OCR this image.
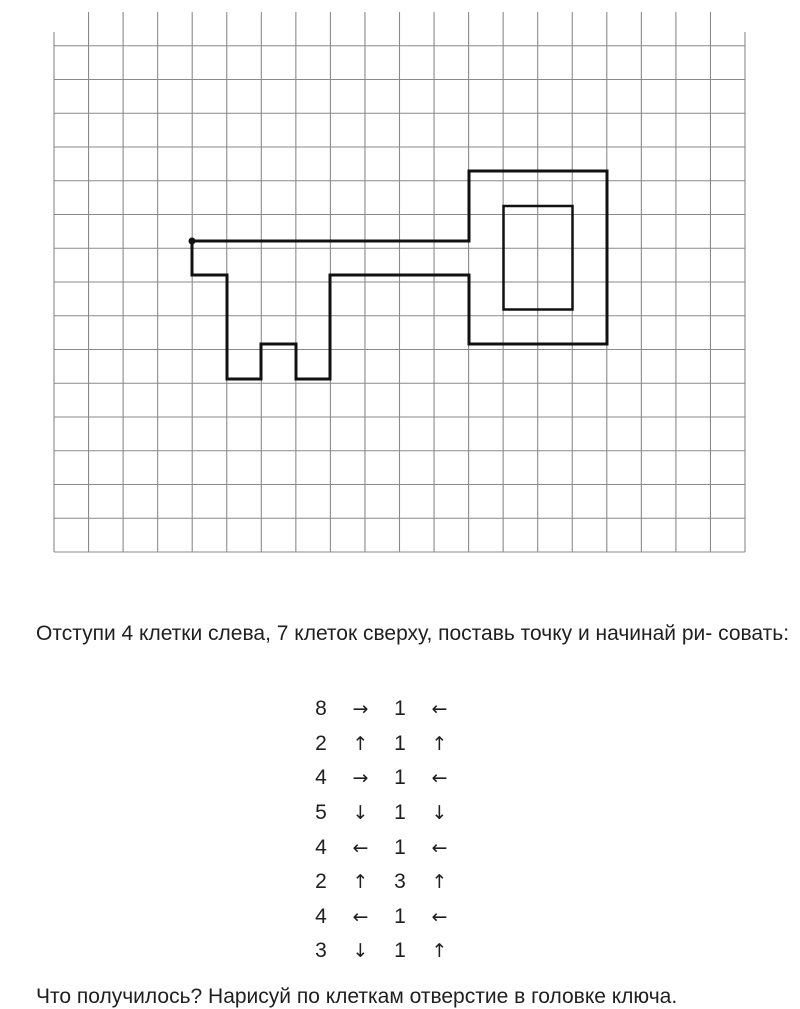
Отступи 4 клетки слева, 7 клеток сверху, поставь точку и начинай ри- совать:

8	→	1	←
2	↑	1	↑
4	→	1	←
5	↓	1	↓
4	←	1	←
2	↑	3	↑
4	←	1	←
3	↓	1	↑

Что получилось? Нарисуй по клеткам отверстие в головке ключа.
